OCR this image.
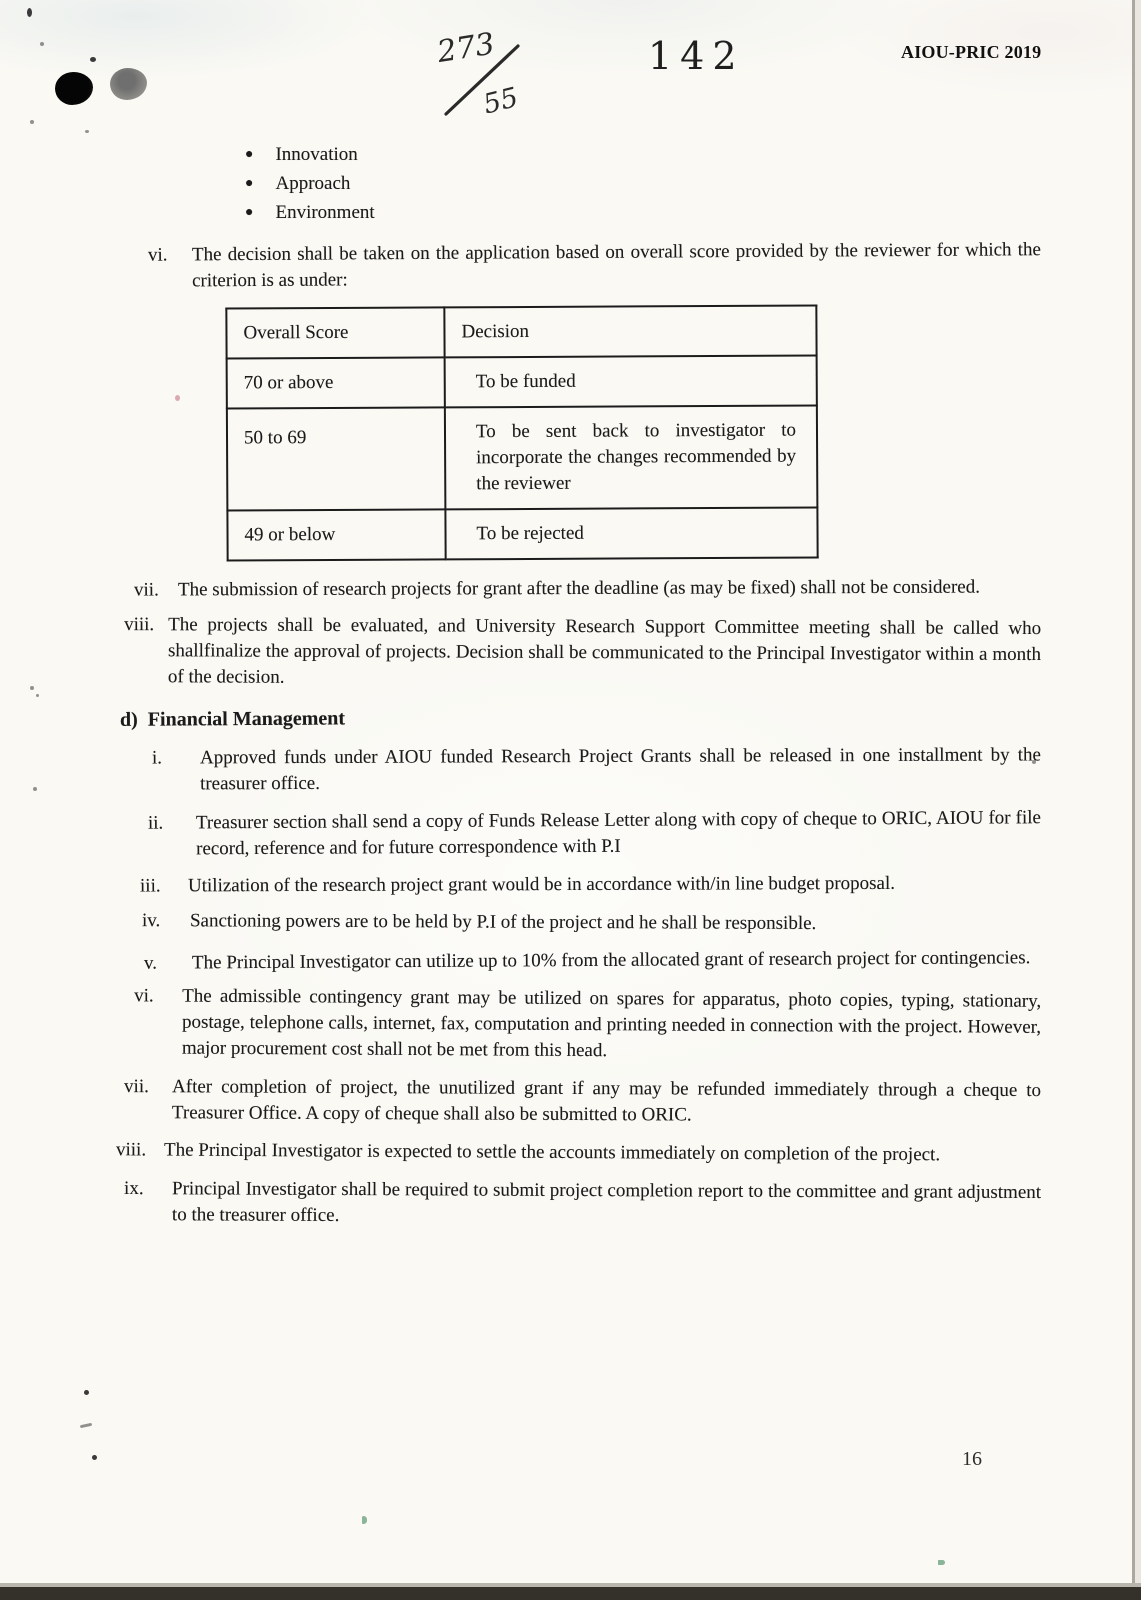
273
55
142	AIOU-PRIC 2019
● Innovation
● Approach
● Environment
vi.	The decision shall be taken on the application based on overall score provided by the reviewer for which the criterion is as under:
Overall Score	Decision
70 or above	To be funded
50 to 69	To be sent back to investigator to incorporate the changes recommended by the reviewer
49 or below	To be rejected
vii.	The submission of research projects for grant after the deadline (as may be fixed) shall not be considered.
viii. The projects shall be evaluated, and University Research Support Committee meeting shall be called who shallfinalize the approval of projects. Decision shall be communicated to the Principal Investigator within a month of the decision.
d) Financial Management
i.	Approved funds under AIOU funded Research Project Grants shall be released in one installment by the treasurer office.
ii.	Treasurer section shall send a copy of Funds Release Letter along with copy of cheque to ORIC, AIOU for file record, reference and for future correspondence with P.I
iii.	Utilization of the research project grant would be in accordance with/in line budget proposal.
iv.	Sanctioning powers are to be held by P.I of the project and he shall be responsible.
v.	The Principal Investigator can utilize up to 10% from the allocated grant of research project for contingencies.
vi.	The admissible contingency grant may be utilized on spares for apparatus, photo copies, typing, stationary, postage, telephone calls, internet, fax, computation and printing needed in connection with the project. However, major procurement cost shall not be met from this head.
vii.	After completion of project, the unutilized grant if any may be refunded immediately through a cheque to Treasurer Office. A copy of cheque shall also be submitted to ORIC.
viii. The Principal Investigator is expected to settle the accounts immediately on completion of the project.
ix.	Principal Investigator shall be required to submit project completion report to the committee and grant adjustment to the treasurer office.
16
